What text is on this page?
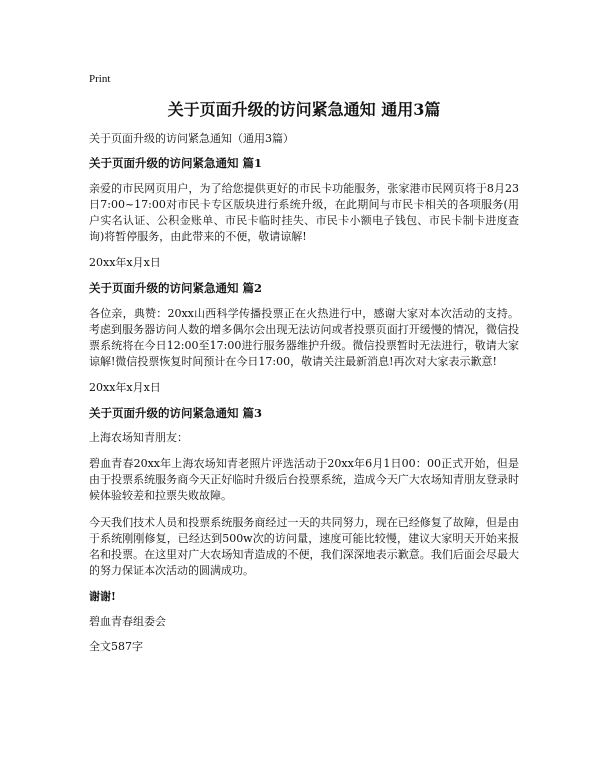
Print
关于页面升级的访问紧急通知 通用3篇
关于页面升级的访问紧急通知（通用3篇）
关于页面升级的访问紧急通知 篇1
亲爱的市民网页用户，为了给您提供更好的市民卡功能服务，张家港市民网页将于8月23日7:00~17:00对市民卡专区版块进行系统升级，在此期间与市民卡相关的各项服务(用户实名认证、公积金账单、市民卡临时挂失、市民卡小额电子钱包、市民卡制卡进度查询)将暂停服务，由此带来的不便，敬请谅解!
20xx年x月x日
关于页面升级的访问紧急通知 篇2
各位亲，典赞：20xx山西科学传播投票正在火热进行中，感谢大家对本次活动的支持。考虑到服务器访问人数的增多偶尔会出现无法访问或者投票页面打开缓慢的情况，微信投票系统将在今日12:00至17:00进行服务器维护升级。微信投票暂时无法进行，敬请大家谅解!微信投票恢复时间预计在今日17:00，敬请关注最新消息!再次对大家表示歉意!
20xx年x月x日
关于页面升级的访问紧急通知 篇3
上海农场知青朋友：
碧血青春20xx年上海农场知青老照片评选活动于20xx年6月1日00：00正式开始，但是由于投票系统服务商今天正好临时升级后台投票系统，造成今天广大农场知青朋友登录时候体验较差和拉票失败故障。
今天我们技术人员和投票系统服务商经过一天的共同努力，现在已经修复了故障，但是由于系统刚刚修复，已经达到500w次的访问量，速度可能比较慢，建议大家明天开始来报名和投票。在这里对广大农场知青造成的不便，我们深深地表示歉意。我们后面会尽最大的努力保证本次活动的圆满成功。
谢谢!
碧血青春组委会
全文587字
